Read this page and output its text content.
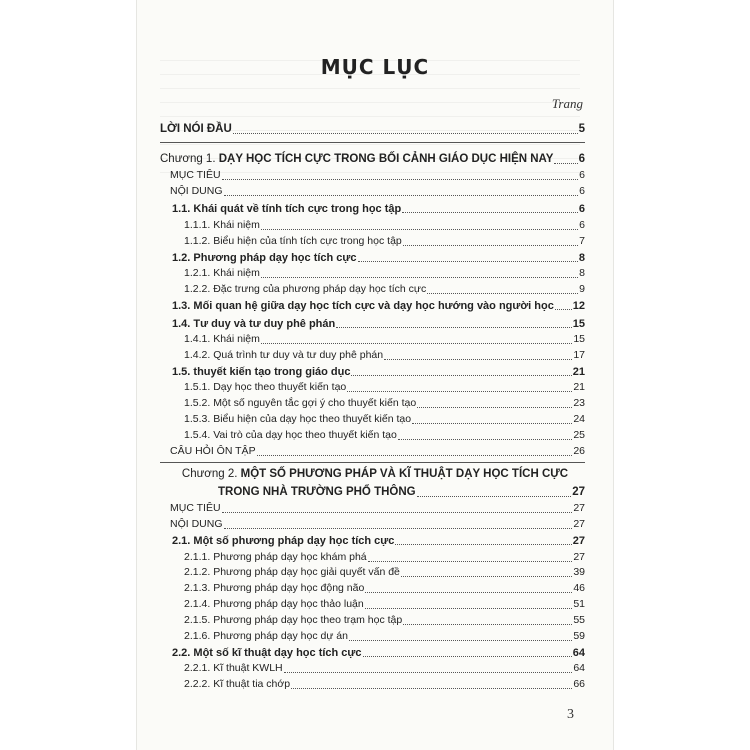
MỤC LỤC
Trang
LỜI NÓI ĐẦU	5
Chương 1. DẠY HỌC TÍCH CỰC TRONG BỐI CẢNH GIÁO DỤC HIỆN NAY 6
MỤC TIÊU	6
NỘI DUNG	6
1.1. Khái quát về tính tích cực trong học tập	6
1.1.1. Khái niệm	6
1.1.2. Biểu hiện của tính tích cực trong học tập	7
1.2. Phương pháp dạy học tích cực	8
1.2.1. Khái niệm	8
1.2.2. Đặc trưng của phương pháp dạy học tích cực	9
1.3. Mối quan hệ giữa dạy học tích cực và dạy học hướng vào người học 12
1.4. Tư duy và tư duy phê phán	15
1.4.1. Khái niệm	15
1.4.2. Quá trình tư duy và tư duy phê phán	17
1.5. thuyết kiến tạo trong giáo dục	21
1.5.1. Dạy học theo thuyết kiến tạo	21
1.5.2. Một số nguyên tắc gợi ý cho thuyết kiến tạo	23
1.5.3. Biểu hiện của dạy học theo thuyết kiến tạo	24
1.5.4. Vai trò của dạy học theo thuyết kiến tạo	25
CÂU HỎI ÔN TẬP	26
Chương 2. MỘT SỐ PHƯƠNG PHÁP VÀ KĨ THUẬT DẠY HỌC TÍCH CỰC
TRONG NHÀ TRƯỜNG PHỔ THÔNG	27
MỤC TIÊU	27
NỘI DUNG	27
2.1. Một số phương pháp dạy học tích cực	27
2.1.1. Phương pháp dạy học khám phá	27
2.1.2. Phương pháp dạy học giải quyết vấn đề	39
2.1.3. Phương pháp dạy học động não	46
2.1.4. Phương pháp dạy học thảo luận	51
2.1.5. Phương pháp dạy học theo trạm học tập	55
2.1.6. Phương pháp dạy học dự án	59
2.2. Một số kĩ thuật dạy học tích cực	64
2.2.1. Kĩ thuật KWLH	64
2.2.2. Kĩ thuật tia chớp	66
3
